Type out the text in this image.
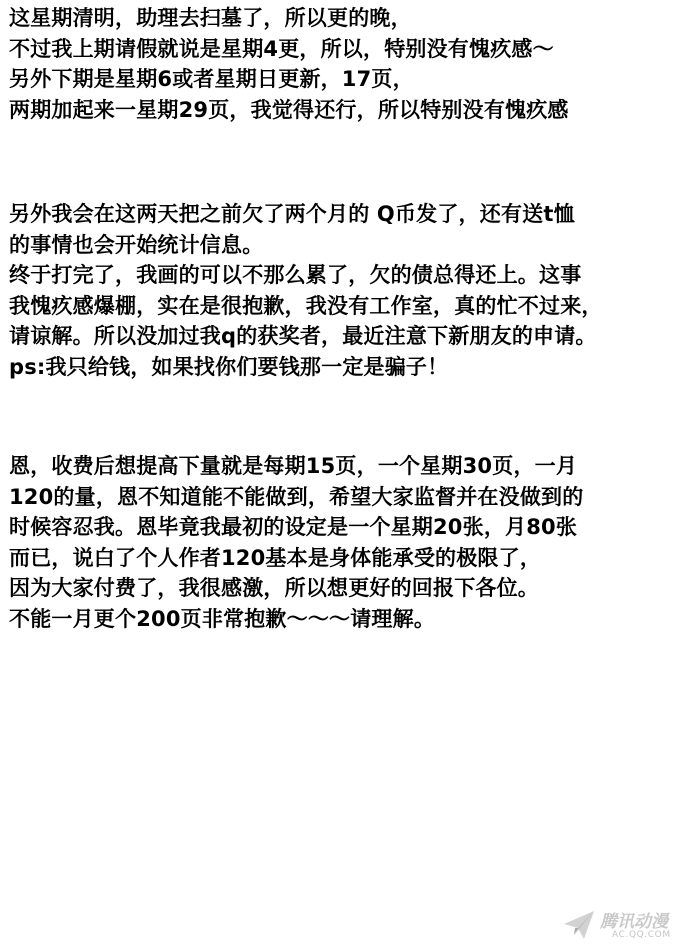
这星期清明，助理去扫墓了，所以更的晚，
不过我上期请假就说是星期4更，所以，特别没有愧疚感～
另外下期是星期6或者星期日更新，17页，
两期加起来一星期29页，我觉得还行，所以特别没有愧疚感
另外我会在这两天把之前欠了两个月的 Q币发了，还有送t恤
的事情也会开始统计信息。
终于打完了，我画的可以不那么累了，欠的债总得还上。这事
我愧疚感爆棚，实在是很抱歉，我没有工作室，真的忙不过来，
请谅解。所以没加过我q的获奖者，最近注意下新朋友的申请。
ps:我只给钱，如果找你们要钱那一定是骗子！
恩，收费后想提高下量就是每期15页，一个星期30页，一月
120的量，恩不知道能不能做到，希望大家监督并在没做到的
时候容忍我。恩毕竟我最初的设定是一个星期20张，月80张
而已，说白了个人作者120基本是身体能承受的极限了，
因为大家付费了，我很感激，所以想更好的回报下各位。
不能一月更个200页非常抱歉～～～请理解。
腾讯动漫
AC.QQ.COM
